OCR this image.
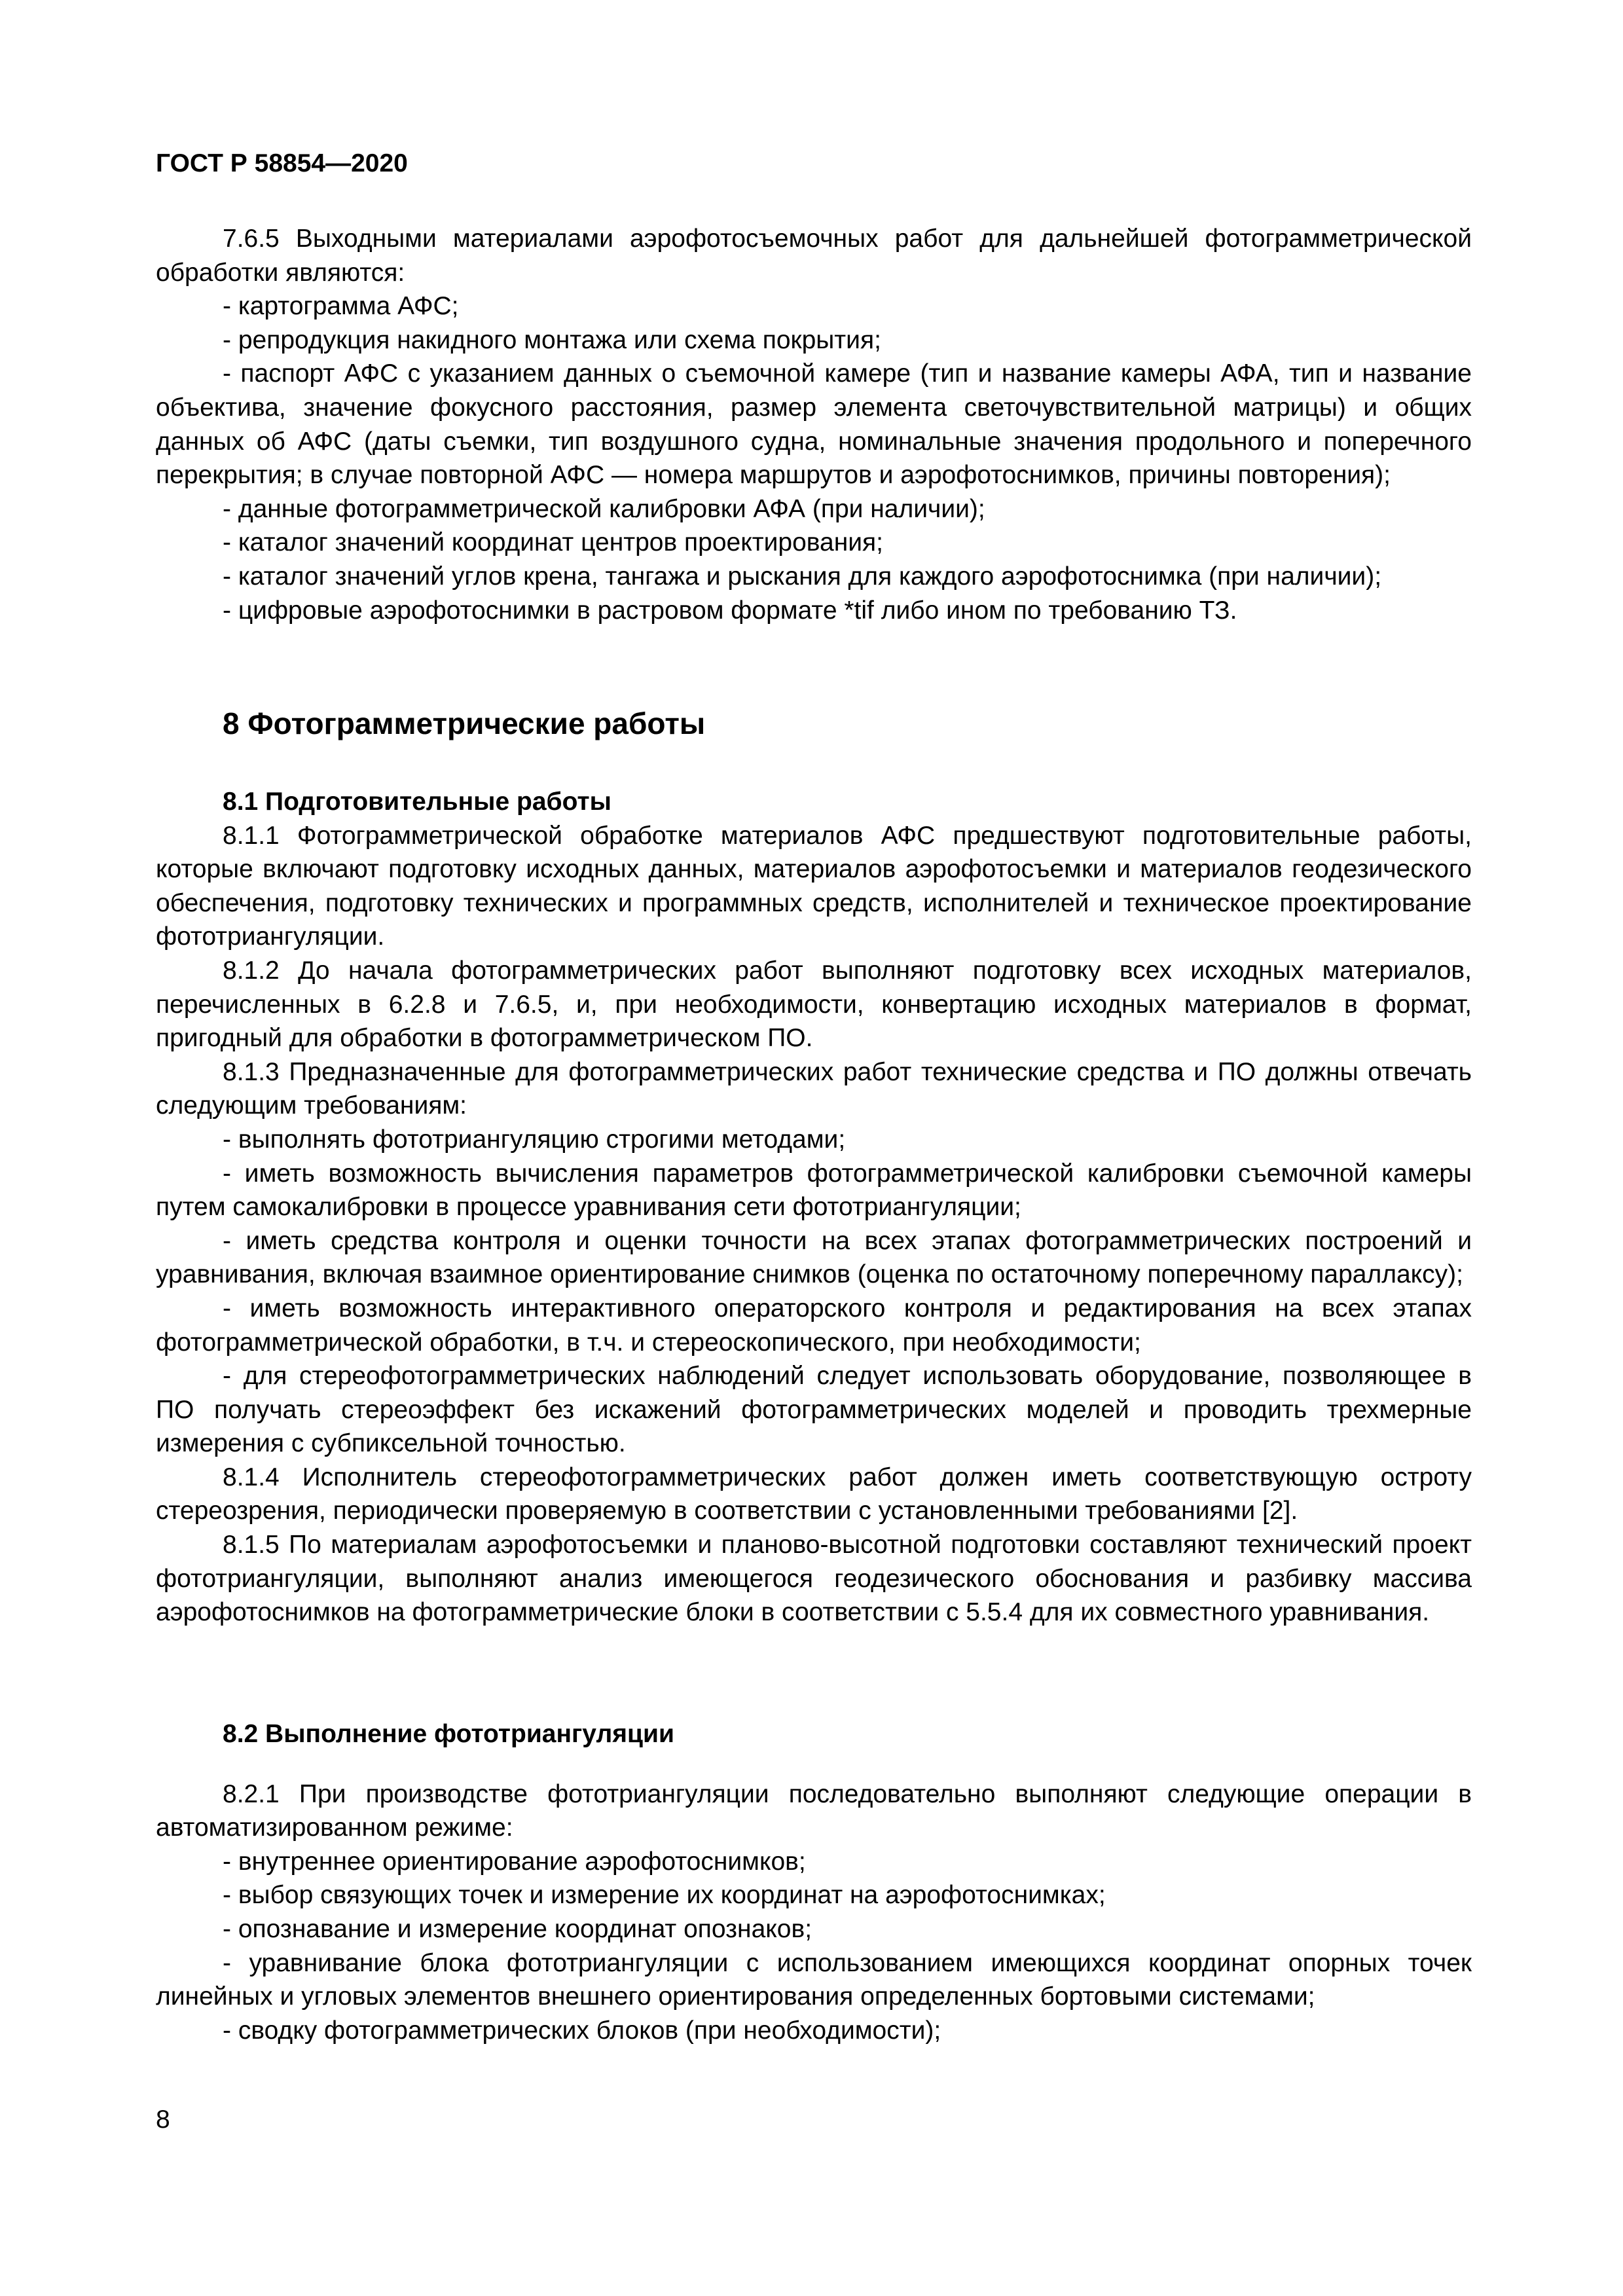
ГОСТ Р 58854—2020

7.6.5 Выходными материалами аэрофотосъемочных работ для дальнейшей фотограмметрической обработки являются:

- картограмма АФС;

- репродукция накидного монтажа или схема покрытия;

- паспорт АФС с указанием данных о съемочной камере (тип и название камеры АФА, тип и название объектива, значение фокусного расстояния, размер элемента светочувствительной матрицы) и общих данных об АФС (даты съемки, тип воздушного судна, номинальные значения продольного и поперечного перекрытия; в случае повторной АФС — номера маршрутов и аэрофотоснимков, причины повторения);

- данные фотограмметрической калибровки АФА (при наличии);

- каталог значений координат центров проектирования;

- каталог значений углов крена, тангажа и рыскания для каждого аэрофотоснимка (при наличии);

- цифровые аэрофотоснимки в растровом формате *tif либо ином по требованию ТЗ.

8 Фотограмметрические работы

8.1 Подготовительные работы

8.1.1 Фотограмметрической обработке материалов АФС предшествуют подготовительные работы, которые включают подготовку исходных данных, материалов аэрофотосъемки и материалов геодезического обеспечения, подготовку технических и программных средств, исполнителей и техническое проектирование фототриангуляции.

8.1.2 До начала фотограмметрических работ выполняют подготовку всех исходных материалов, перечисленных в 6.2.8 и 7.6.5, и, при необходимости, конвертацию исходных материалов в формат, пригодный для обработки в фотограмметрическом ПО.

8.1.3 Предназначенные для фотограмметрических работ технические средства и ПО должны отвечать следующим требованиям:

- выполнять фототриангуляцию строгими методами;

- иметь возможность вычисления параметров фотограмметрической калибровки съемочной камеры путем самокалибровки в процессе уравнивания сети фототриангуляции;

- иметь средства контроля и оценки точности на всех этапах фотограмметрических построений и уравнивания, включая взаимное ориентирование снимков (оценка по остаточному поперечному параллаксу);

- иметь возможность интерактивного операторского контроля и редактирования на всех этапах фотограмметрической обработки, в т.ч. и стереоскопического, при необходимости;

- для стереофотограмметрических наблюдений следует использовать оборудование, позволяющее в ПО получать стереоэффект без искажений фотограмметрических моделей и проводить трехмерные измерения с субпиксельной точностью.

8.1.4 Исполнитель стереофотограмметрических работ должен иметь соответствующую остроту стереозрения, периодически проверяемую в соответствии с установленными требованиями [2].

8.1.5 По материалам аэрофотосъемки и планово-высотной подготовки составляют технический проект фототриангуляции, выполняют анализ имеющегося геодезического обоснования и разбивку массива аэрофотоснимков на фотограмметрические блоки в соответствии с 5.5.4 для их совместного уравнивания.

8.2 Выполнение фототриангуляции

8.2.1 При производстве фототриангуляции последовательно выполняют следующие операции в автоматизированном режиме:

- внутреннее ориентирование аэрофотоснимков;

- выбор связующих точек и измерение их координат на аэрофотоснимках;

- опознавание и измерение координат опознаков;

- уравнивание блока фототриангуляции с использованием имеющихся координат опорных точек линейных и угловых элементов внешнего ориентирования определенных бортовыми системами;

- сводку фотограмметрических блоков (при необходимости);

8
